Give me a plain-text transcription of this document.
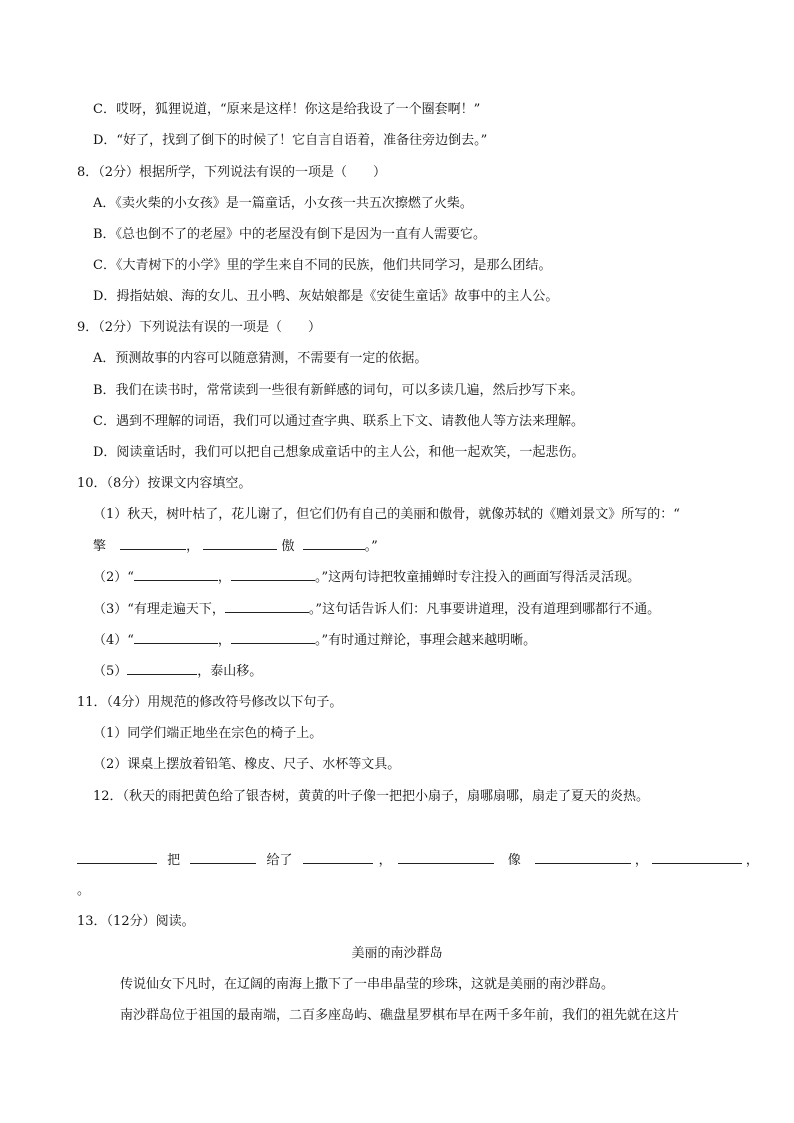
C．哎呀，狐狸说道，“原来是这样！你这是给我设了一个圈套啊！”
D．“好了，找到了倒下的时候了！它自言自语着，准备往旁边倒去。”
8．（2分）根据所学，下列说法有误的一项是（　　）
A．《卖火柴的小女孩》是一篇童话，小女孩一共五次擦燃了火柴。
B．《总也倒不了的老屋》中的老屋没有倒下是因为一直有人需要它。
C．《大青树下的小学》里的学生来自不同的民族，他们共同学习，是那么团结。
D．拇指姑娘、海的女儿、丑小鸭、灰姑娘都是《安徒生童话》故事中的主人公。
9．（2分）下列说法有误的一项是（　　）
A．预测故事的内容可以随意猜测，不需要有一定的依据。
B．我们在读书时，常常读到一些很有新鲜感的词句，可以多读几遍，然后抄写下来。
C．遇到不理解的词语，我们可以通过查字典、联系上下文、请教他人等方法来理解。
D．阅读童话时，我们可以把自己想象成童话中的主人公，和他一起欢笑，一起悲伤。
10．（8分）按课文内容填空。
（1）秋天，树叶枯了，花儿谢了，但它们仍有自己的美丽和傲骨，就像苏轼的《赠刘景文》所写的：“
擎	，	傲	。”
（2）“	，	。”这两句诗把牧童捕蝉时专注投入的画面写得活灵活现。
（3）“有理走遍天下，	。”这句话告诉人们：凡事要讲道理，没有道理到哪都行不通。
（4）“	，	。”有时通过辩论，事理会越来越明晰。
（5）	，泰山移。
11．（4分）用规范的修改符号修改以下句子。
（1）同学们端正地坐在宗色的椅子上。
（2）课桌上摆放着铅笔、橡皮、尺子、水杯等文具。
12．（秋天的雨把黄色给了银杏树，黄黄的叶子像一把把小扇子，扇哪扇哪，扇走了夏天的炎热。
把	给了	，	像	，	，
。
13．（12分）阅读。
美丽的南沙群岛
传说仙女下凡时，在辽阔的南海上撒下了一串串晶莹的珍珠，这就是美丽的南沙群岛。
南沙群岛位于祖国的最南端，二百多座岛屿、礁盘星罗棋布早在两千多年前，我们的祖先就在这片
